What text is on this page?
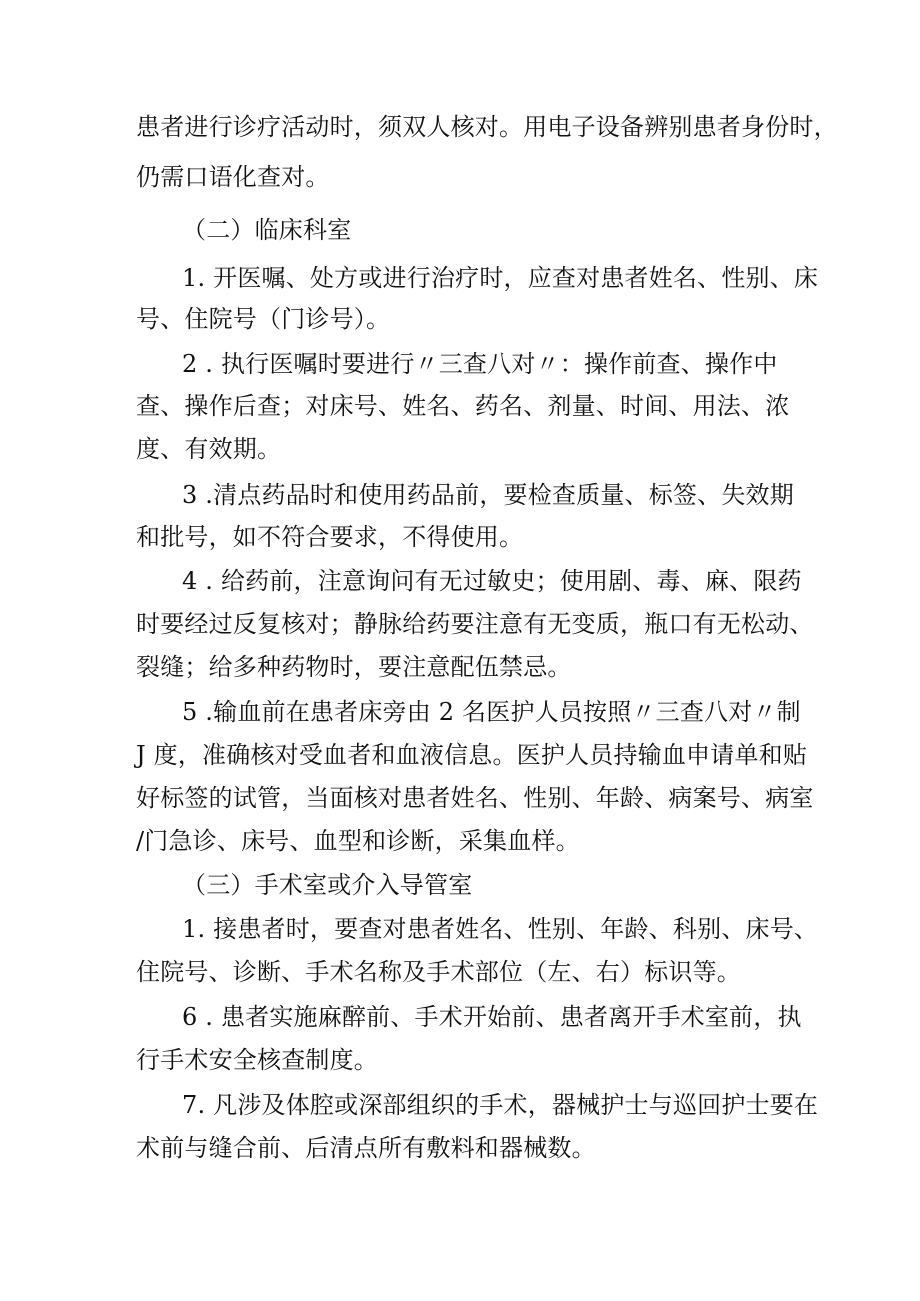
患者进行诊疗活动时，须双人核对。用电子设备辨别患者身份时，
仍需口语化查对。
（二）临床科室
1. 开医嘱、处方或进行治疗时，应查对患者姓名、性别、床
号、住院号（门诊号）。
2 . 执行医嘱时要进行〃三查八对〃：操作前查、操作中
查、操作后查；对床号、姓名、药名、剂量、时间、用法、浓
度、有效期。
3 .清点药品时和使用药品前，要检查质量、标签、失效期
和批号，如不符合要求，不得使用。
4 . 给药前，注意询问有无过敏史；使用剧、毒、麻、限药
时要经过反复核对；静脉给药要注意有无变质，瓶口有无松动、
裂缝；给多种药物时，要注意配伍禁忌。
5 .输血前在患者床旁由 2 名医护人员按照〃三查八对〃制
J 度，准确核对受血者和血液信息。医护人员持输血申请单和贴
好标签的试管，当面核对患者姓名、性别、年龄、病案号、病室
/门急诊、床号、血型和诊断，采集血样。
（三）手术室或介入导管室
1. 接患者时，要查对患者姓名、性别、年龄、科别、床号、
住院号、诊断、手术名称及手术部位（左、右）标识等。
6 . 患者实施麻醉前、手术开始前、患者离开手术室前，执
行手术安全核查制度。
7. 凡涉及体腔或深部组织的手术，器械护士与巡回护士要在
术前与缝合前、后清点所有敷料和器械数。
